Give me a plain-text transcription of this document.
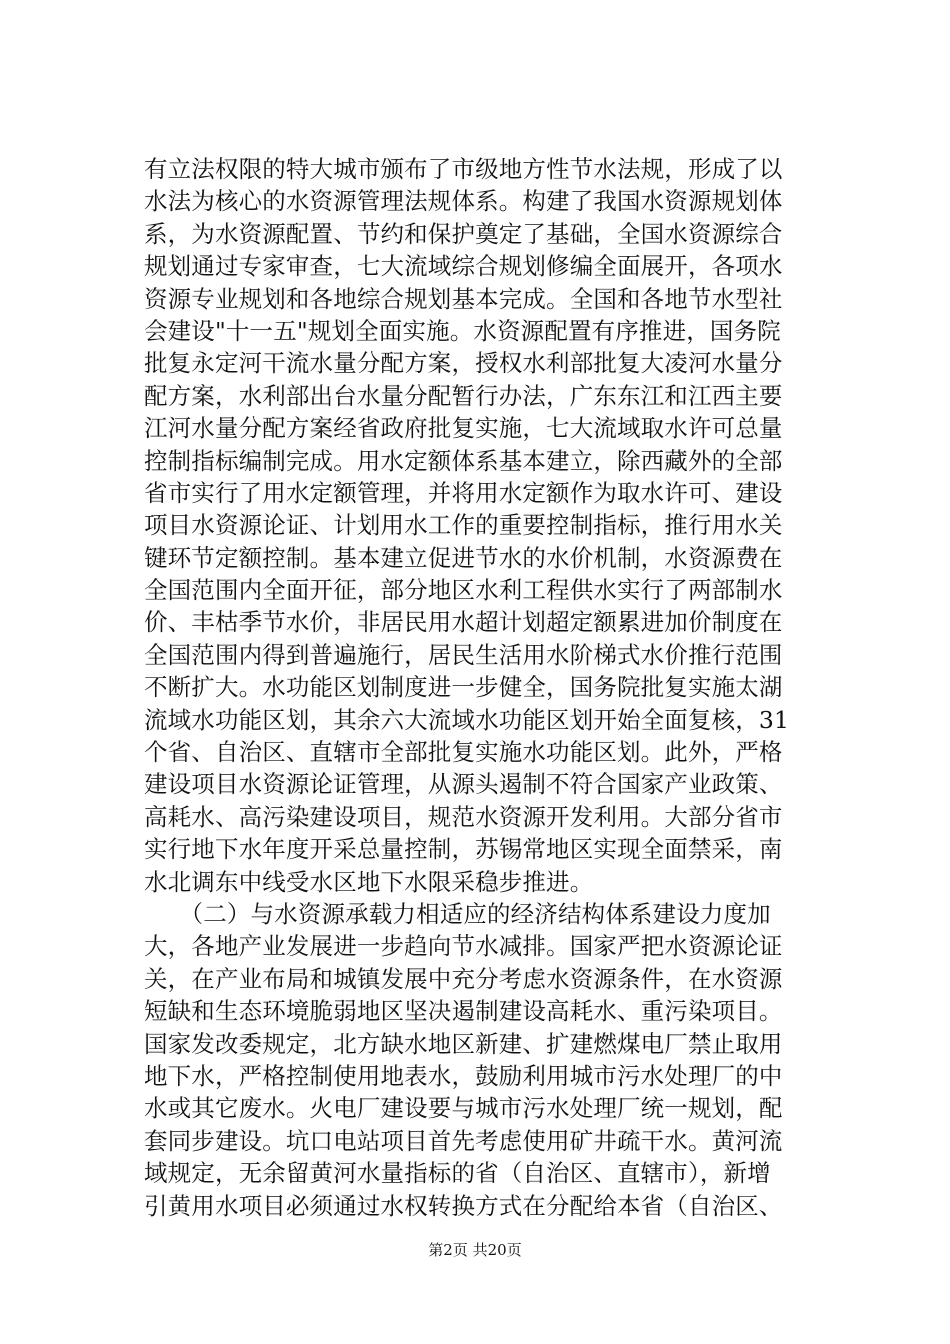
有立法权限的特大城市颁布了市级地方性节水法规，形成了以
水法为核心的水资源管理法规体系。构建了我国水资源规划体
系，为水资源配置、节约和保护奠定了基础，全国水资源综合
规划通过专家审查，七大流域综合规划修编全面展开，各项水
资源专业规划和各地综合规划基本完成。全国和各地节水型社
会建设"十一五"规划全面实施。水资源配置有序推进，国务院
批复永定河干流水量分配方案，授权水利部批复大凌河水量分
配方案，水利部出台水量分配暂行办法，广东东江和江西主要
江河水量分配方案经省政府批复实施，七大流域取水许可总量
控制指标编制完成。用水定额体系基本建立，除西藏外的全部
省市实行了用水定额管理，并将用水定额作为取水许可、建设
项目水资源论证、计划用水工作的重要控制指标，推行用水关
键环节定额控制。基本建立促进节水的水价机制，水资源费在
全国范围内全面开征，部分地区水利工程供水实行了两部制水
价、丰枯季节水价，非居民用水超计划超定额累进加价制度在
全国范围内得到普遍施行，居民生活用水阶梯式水价推行范围
不断扩大。水功能区划制度进一步健全，国务院批复实施太湖
流域水功能区划，其余六大流域水功能区划开始全面复核，31
个省、自治区、直辖市全部批复实施水功能区划。此外，严格
建设项目水资源论证管理，从源头遏制不符合国家产业政策、
高耗水、高污染建设项目，规范水资源开发利用。大部分省市
实行地下水年度开采总量控制，苏锡常地区实现全面禁采，南
水北调东中线受水区地下水限采稳步推进。
　　（二）与水资源承载力相适应的经济结构体系建设力度加
大，各地产业发展进一步趋向节水减排。国家严把水资源论证
关，在产业布局和城镇发展中充分考虑水资源条件，在水资源
短缺和生态环境脆弱地区坚决遏制建设高耗水、重污染项目。
国家发改委规定，北方缺水地区新建、扩建燃煤电厂禁止取用
地下水，严格控制使用地表水，鼓励利用城市污水处理厂的中
水或其它废水。火电厂建设要与城市污水处理厂统一规划，配
套同步建设。坑口电站项目首先考虑使用矿井疏干水。黄河流
域规定，无余留黄河水量指标的省（自治区、直辖市），新增
引黄用水项目必须通过水权转换方式在分配给本省（自治区、
第2页 共20页
